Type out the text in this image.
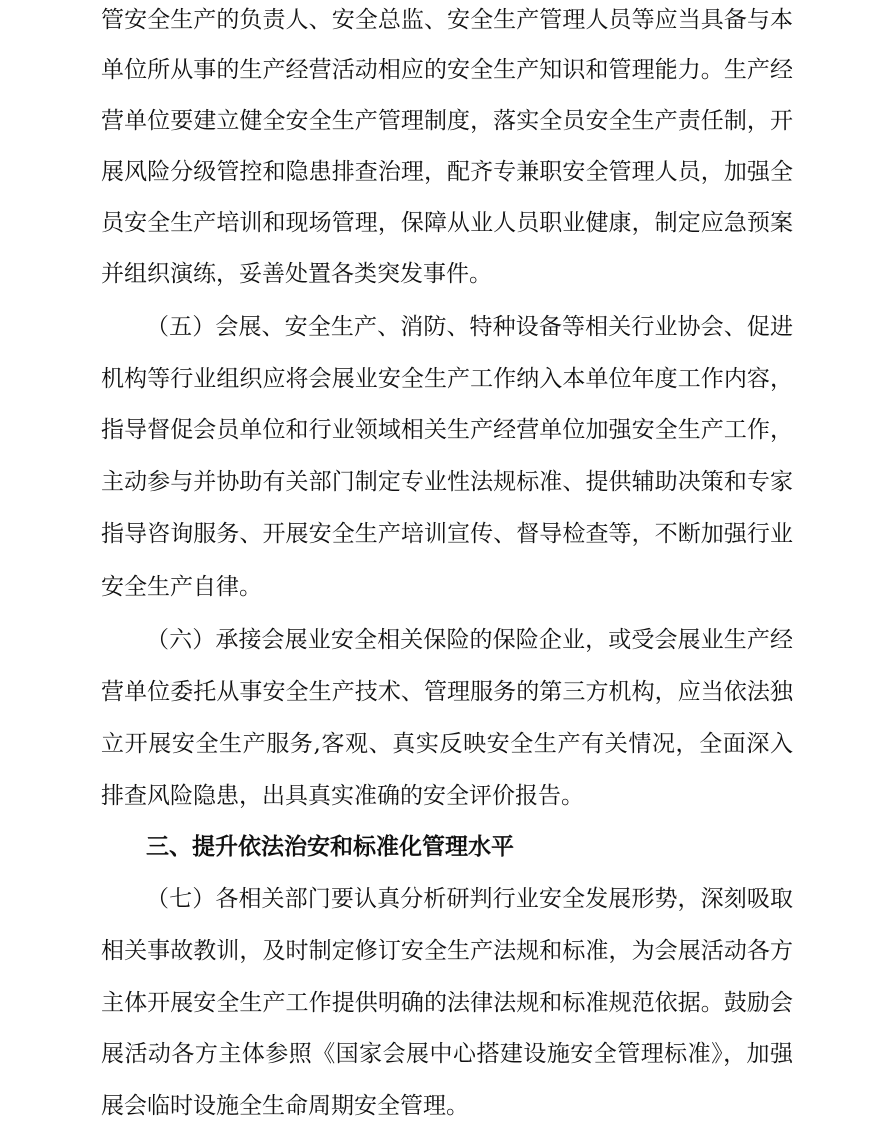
管安全生产的负责人、安全总监、安全生产管理人员等应当具备与本
单位所从事的生产经营活动相应的安全生产知识和管理能力。生产经
营单位要建立健全安全生产管理制度，落实全员安全生产责任制，开
展风险分级管控和隐患排查治理，配齐专兼职安全管理人员，加强全
员安全生产培训和现场管理，保障从业人员职业健康，制定应急预案
并组织演练，妥善处置各类突发事件。
（五）会展、安全生产、消防、特种设备等相关行业协会、促进
机构等行业组织应将会展业安全生产工作纳入本单位年度工作内容，
指导督促会员单位和行业领域相关生产经营单位加强安全生产工作，
主动参与并协助有关部门制定专业性法规标准、提供辅助决策和专家
指导咨询服务、开展安全生产培训宣传、督导检查等，不断加强行业
安全生产自律。
（六）承接会展业安全相关保险的保险企业，或受会展业生产经
营单位委托从事安全生产技术、管理服务的第三方机构，应当依法独
立开展安全生产服务,客观、真实反映安全生产有关情况，全面深入
排查风险隐患，出具真实准确的安全评价报告。
三、提升依法治安和标准化管理水平
（七）各相关部门要认真分析研判行业安全发展形势，深刻吸取
相关事故教训，及时制定修订安全生产法规和标准，为会展活动各方
主体开展安全生产工作提供明确的法律法规和标准规范依据。鼓励会
展活动各方主体参照《国家会展中心搭建设施安全管理标准》，加强
展会临时设施全生命周期安全管理。
